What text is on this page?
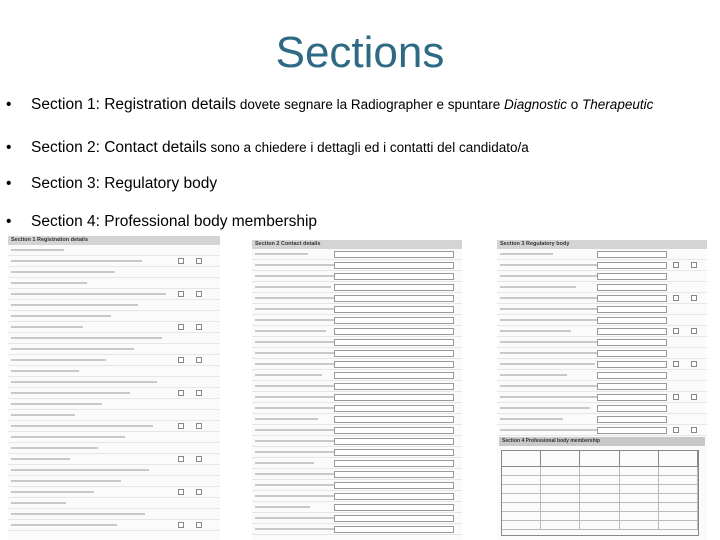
Sections
•	Section 1: Registration details dovete segnare la Radiographer e spuntare Diagnostic o Therapeutic
•	Section 2: Contact details sono a chiedere i dettagli ed i contatti del candidato/a
•	Section 3: Regulatory body
•	Section 4: Professional body membership
Section 1 Registration details
Section 2 Contact details	Section 3 Regulatory body
Section 4 Professional body membership
